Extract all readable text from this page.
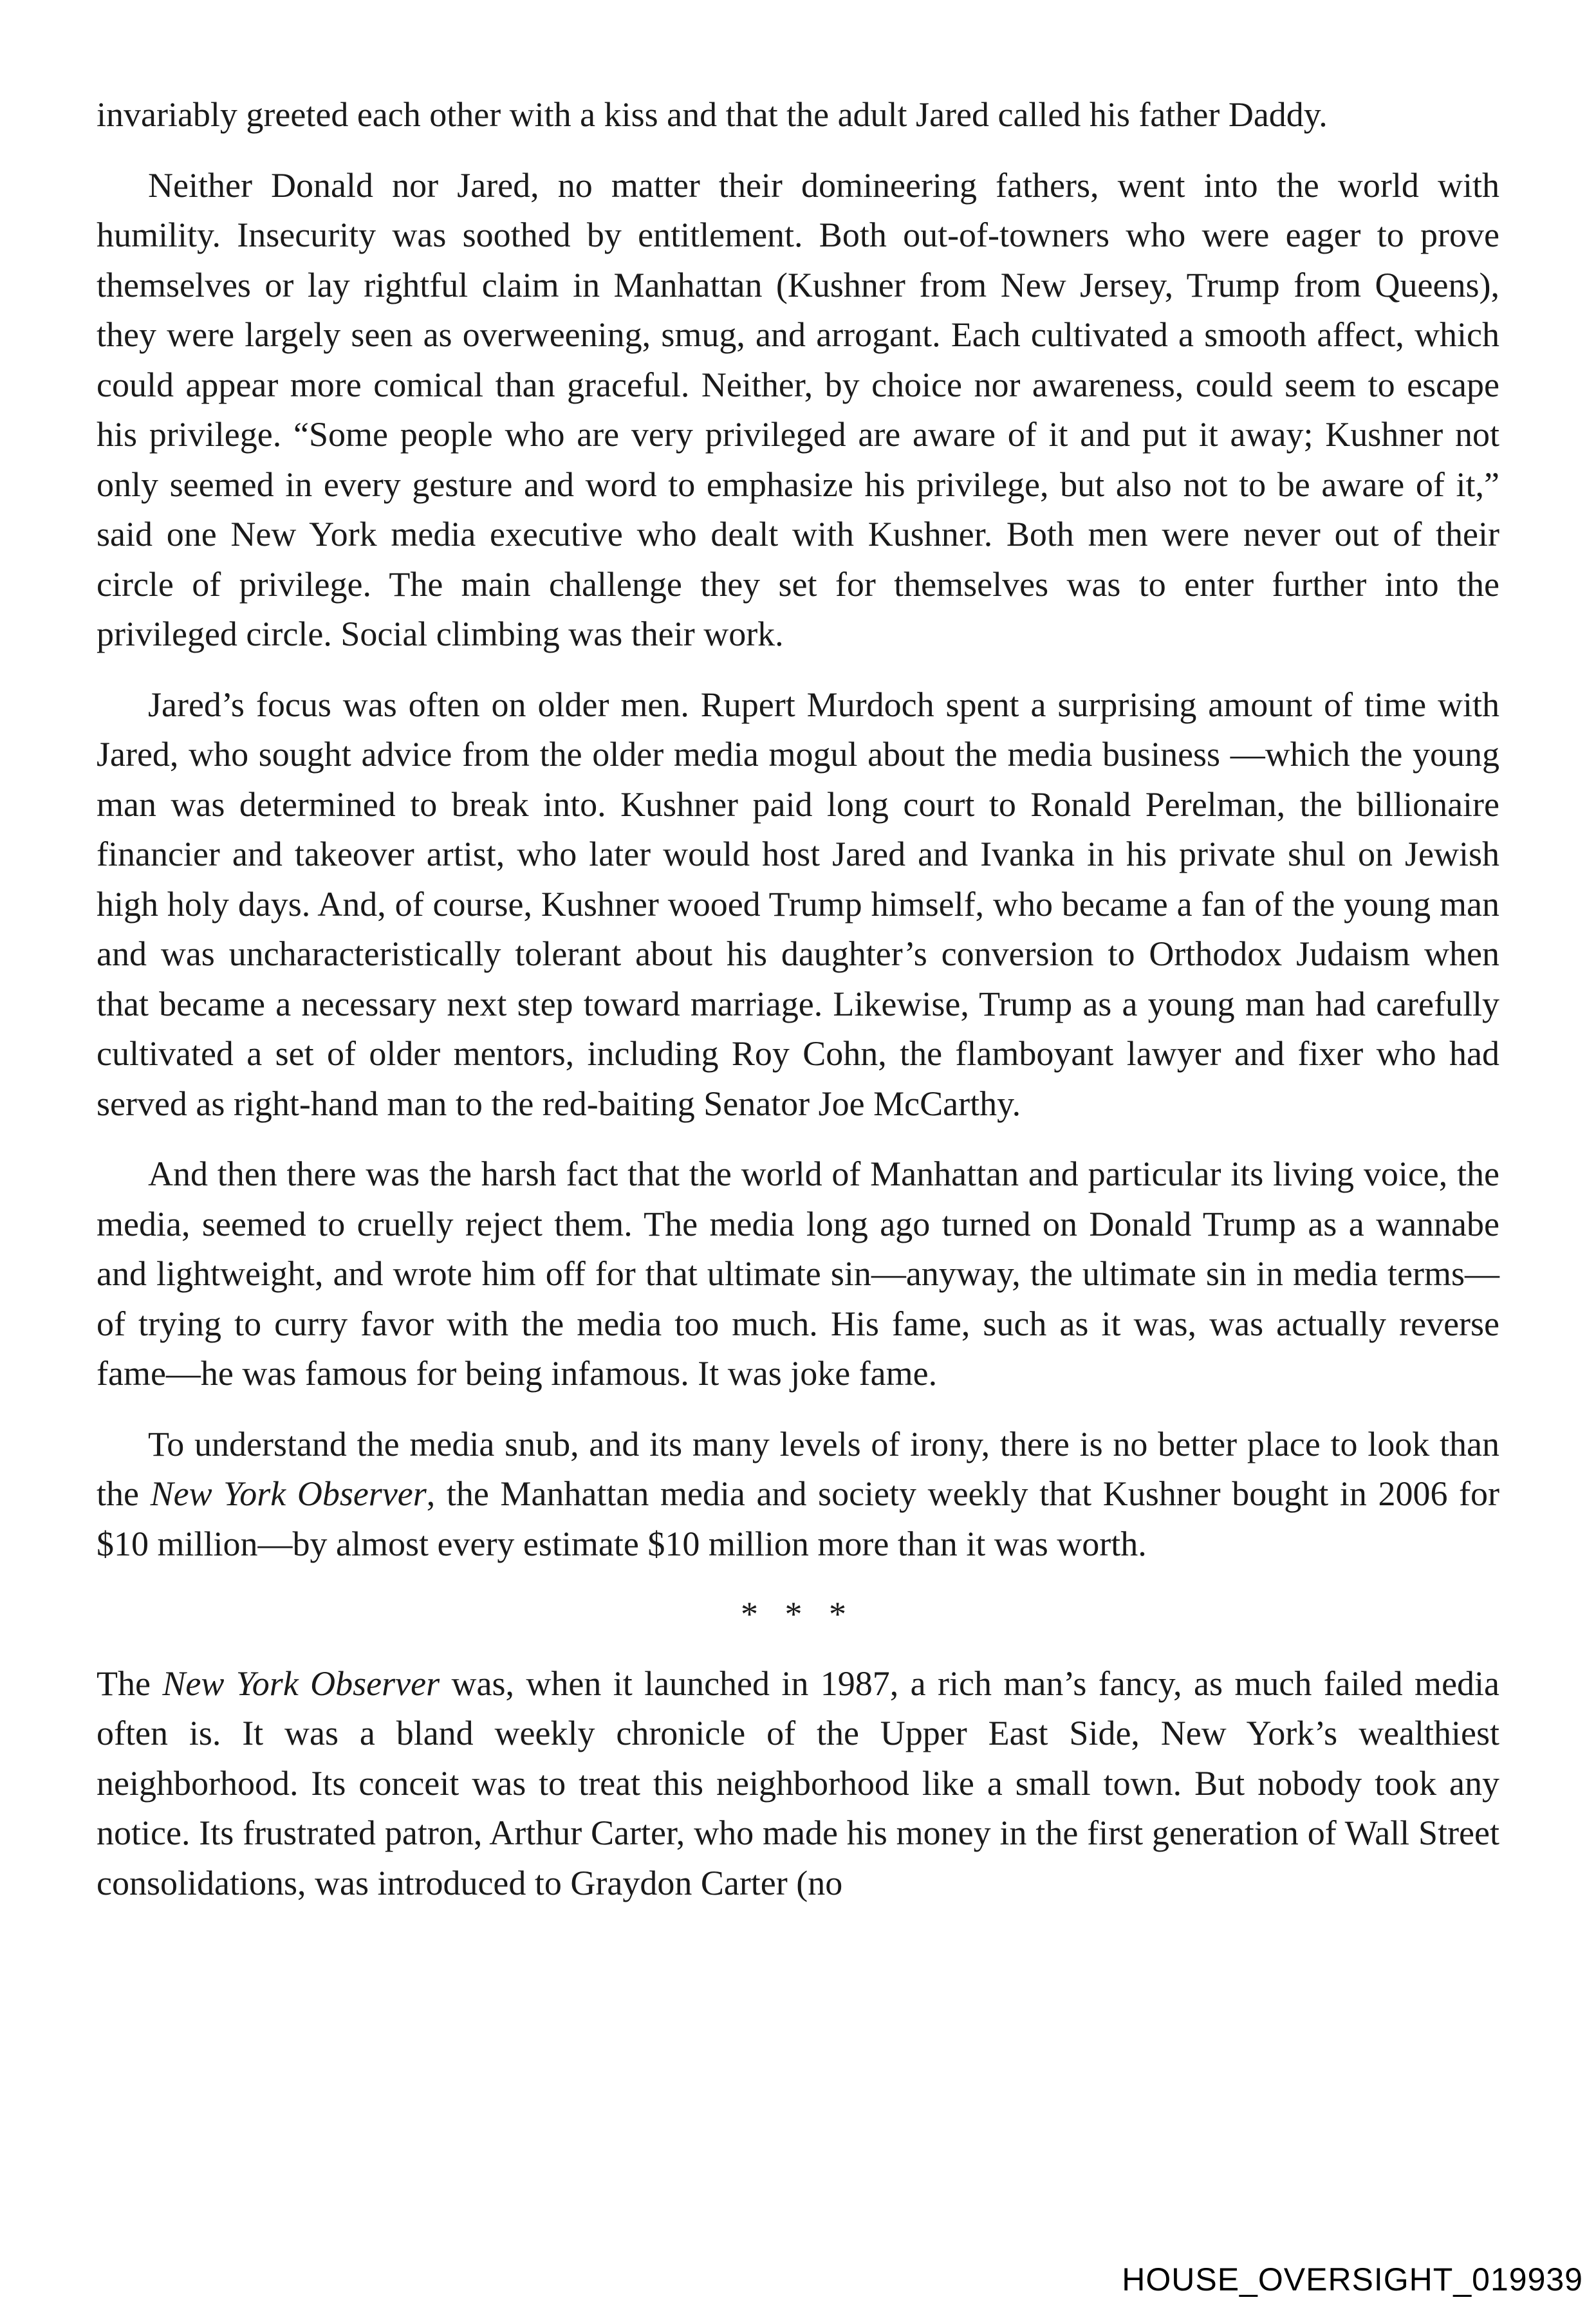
invariably greeted each other with a kiss and that the adult Jared called his father Daddy.

Neither Donald nor Jared, no matter their domineering fathers, went into the world with humility. Insecurity was soothed by entitlement. Both out-of-towners who were eager to prove themselves or lay rightful claim in Manhattan (Kushner from New Jersey, Trump from Queens), they were largely seen as overweening, smug, and arrogant. Each cultivated a smooth affect, which could appear more comical than graceful. Neither, by choice nor awareness, could seem to escape his privilege. “Some people who are very privileged are aware of it and put it away; Kushner not only seemed in every gesture and word to emphasize his privilege, but also not to be aware of it,” said one New York media executive who dealt with Kushner. Both men were never out of their circle of privilege. The main challenge they set for themselves was to enter further into the privileged circle. Social climbing was their work.

Jared’s focus was often on older men. Rupert Murdoch spent a surprising amount of time with Jared, who sought advice from the older media mogul about the media business —which the young man was determined to break into. Kushner paid long court to Ronald Perelman, the billionaire financier and takeover artist, who later would host Jared and Ivanka in his private shul on Jewish high holy days. And, of course, Kushner wooed Trump himself, who became a fan of the young man and was uncharacteristically tolerant about his daughter’s conversion to Orthodox Judaism when that became a necessary next step toward marriage. Likewise, Trump as a young man had carefully cultivated a set of older mentors, including Roy Cohn, the flamboyant lawyer and fixer who had served as right-hand man to the red-baiting Senator Joe McCarthy.

And then there was the harsh fact that the world of Manhattan and particular its living voice, the media, seemed to cruelly reject them. The media long ago turned on Donald Trump as a wannabe and lightweight, and wrote him off for that ultimate sin—anyway, the ultimate sin in media terms—of trying to curry favor with the media too much. His fame, such as it was, was actually reverse fame—he was famous for being infamous. It was joke fame.

To understand the media snub, and its many levels of irony, there is no better place to look than the New York Observer, the Manhattan media and society weekly that Kushner bought in 2006 for $10 million—by almost every estimate $10 million more than it was worth.

* * *

The New York Observer was, when it launched in 1987, a rich man’s fancy, as much failed media often is. It was a bland weekly chronicle of the Upper East Side, New York’s wealthiest neighborhood. Its conceit was to treat this neighborhood like a small town. But nobody took any notice. Its frustrated patron, Arthur Carter, who made his money in the first generation of Wall Street consolidations, was introduced to Graydon Carter (no

HOUSE_OVERSIGHT_019939
